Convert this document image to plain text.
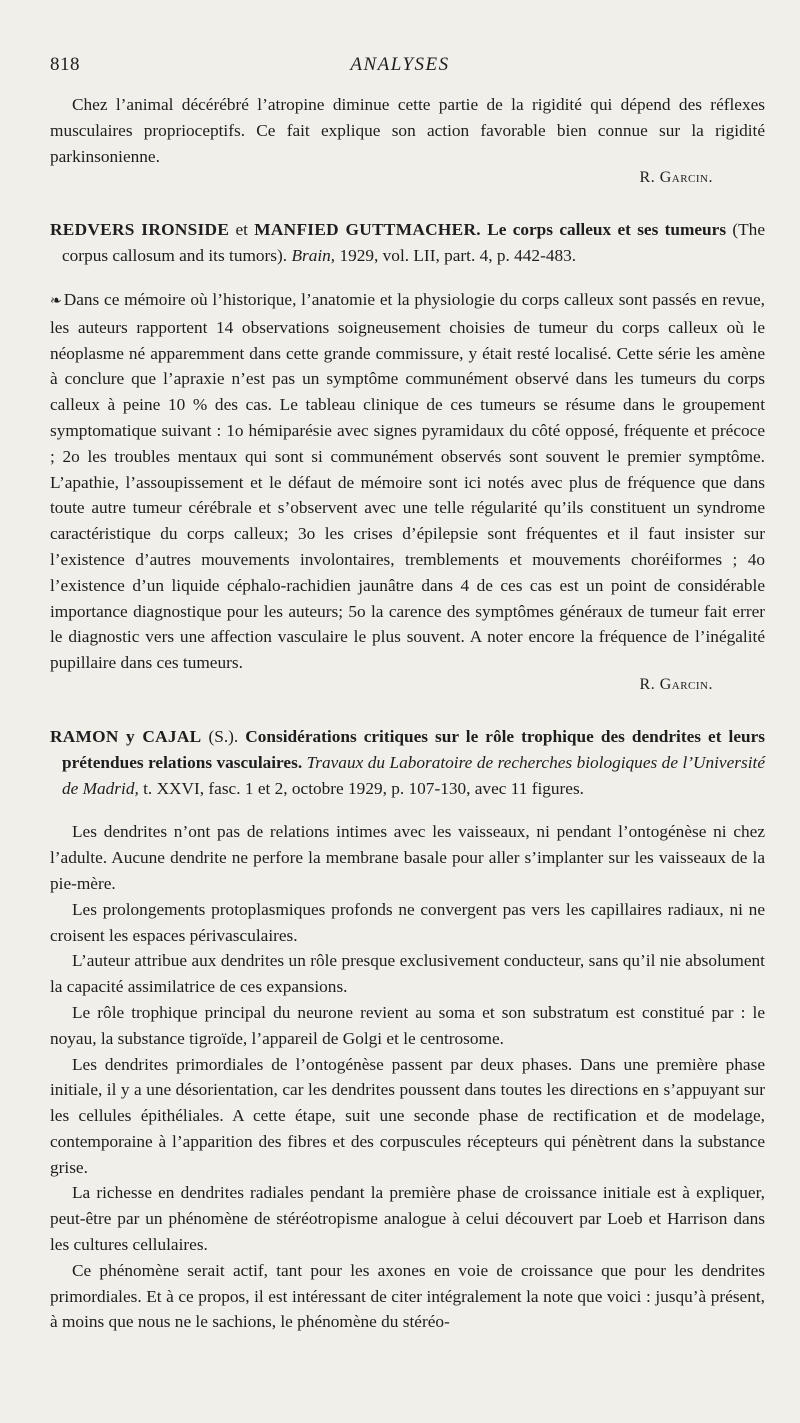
818	ANALYSES

Chez l’animal décérébré l’atropine diminue cette partie de la rigidité qui dépend des réflexes musculaires proprioceptifs. Ce fait explique son action favorable bien connue sur la rigidité parkinsonienne.

R. Garcin.

REDVERS IRONSIDE et MANFIED GUTTMACHER. Le corps calleux et ses tumeurs (The corpus callosum and its tumors). Brain, 1929, vol. LII, part. 4, p. 442-483.

❧ Dans ce mémoire où l’historique, l’anatomie et la physiologie du corps calleux sont passés en revue, les auteurs rapportent 14 observations soigneusement choisies de tumeur du corps calleux où le néoplasme né apparemment dans cette grande commissure, y était resté localisé. Cette série les amène à conclure que l’apraxie n’est pas un symptôme communément observé dans les tumeurs du corps calleux à peine 10 % des cas. Le tableau clinique de ces tumeurs se résume dans le groupement symptomatique suivant : 1o hémiparésie avec signes pyramidaux du côté opposé, fréquente et précoce ; 2o les troubles mentaux qui sont si communément observés sont souvent le premier symptôme. L’apathie, l’assoupissement et le défaut de mémoire sont ici notés avec plus de fréquence que dans toute autre tumeur cérébrale et s’observent avec une telle régularité qu’ils constituent un syndrome caractéristique du corps calleux; 3o les crises d’épilepsie sont fréquentes et il faut insister sur l’existence d’autres mouvements involontaires, tremblements et mouvements choréiformes ; 4o l’existence d’un liquide céphalo-rachidien jaunâtre dans 4 de ces cas est un point de considérable importance diagnostique pour les auteurs; 5o la carence des symptômes généraux de tumeur fait errer le diagnostic vers une affection vasculaire le plus souvent. A noter encore la fréquence de l’inégalité pupillaire dans ces tumeurs.

R. Garcin.

RAMON y CAJAL (S.). Considérations critiques sur le rôle trophique des dendrites et leurs prétendues relations vasculaires. Travaux du Laboratoire de recherches biologiques de l’Université de Madrid, t. XXVI, fasc. 1 et 2, octobre 1929, p. 107-130, avec 11 figures.

Les dendrites n’ont pas de relations intimes avec les vaisseaux, ni pendant l’ontogénèse ni chez l’adulte. Aucune dendrite ne perfore la membrane basale pour aller s’implanter sur les vaisseaux de la pie-mère.

Les prolongements protoplasmiques profonds ne convergent pas vers les capillaires radiaux, ni ne croisent les espaces périvasculaires.

L’auteur attribue aux dendrites un rôle presque exclusivement conducteur, sans qu’il nie absolument la capacité assimilatrice de ces expansions.

Le rôle trophique principal du neurone revient au soma et son substratum est constitué par : le noyau, la substance tigroïde, l’appareil de Golgi et le centrosome.

Les dendrites primordiales de l’ontogénèse passent par deux phases. Dans une première phase initiale, il y a une désorientation, car les dendrites poussent dans toutes les directions en s’appuyant sur les cellules épithéliales. A cette étape, suit une seconde phase de rectification et de modelage, contemporaine à l’apparition des fibres et des corpuscules récepteurs qui pénètrent dans la substance grise.

La richesse en dendrites radiales pendant la première phase de croissance initiale est à expliquer, peut-être par un phénomène de stéréotropisme analogue à celui découvert par Loeb et Harrison dans les cultures cellulaires.

Ce phénomène serait actif, tant pour les axones en voie de croissance que pour les dendrites primordiales. Et à ce propos, il est intéressant de citer intégralement la note que voici : jusqu’à présent, à moins que nous ne le sachions, le phénomène du stéréo-
